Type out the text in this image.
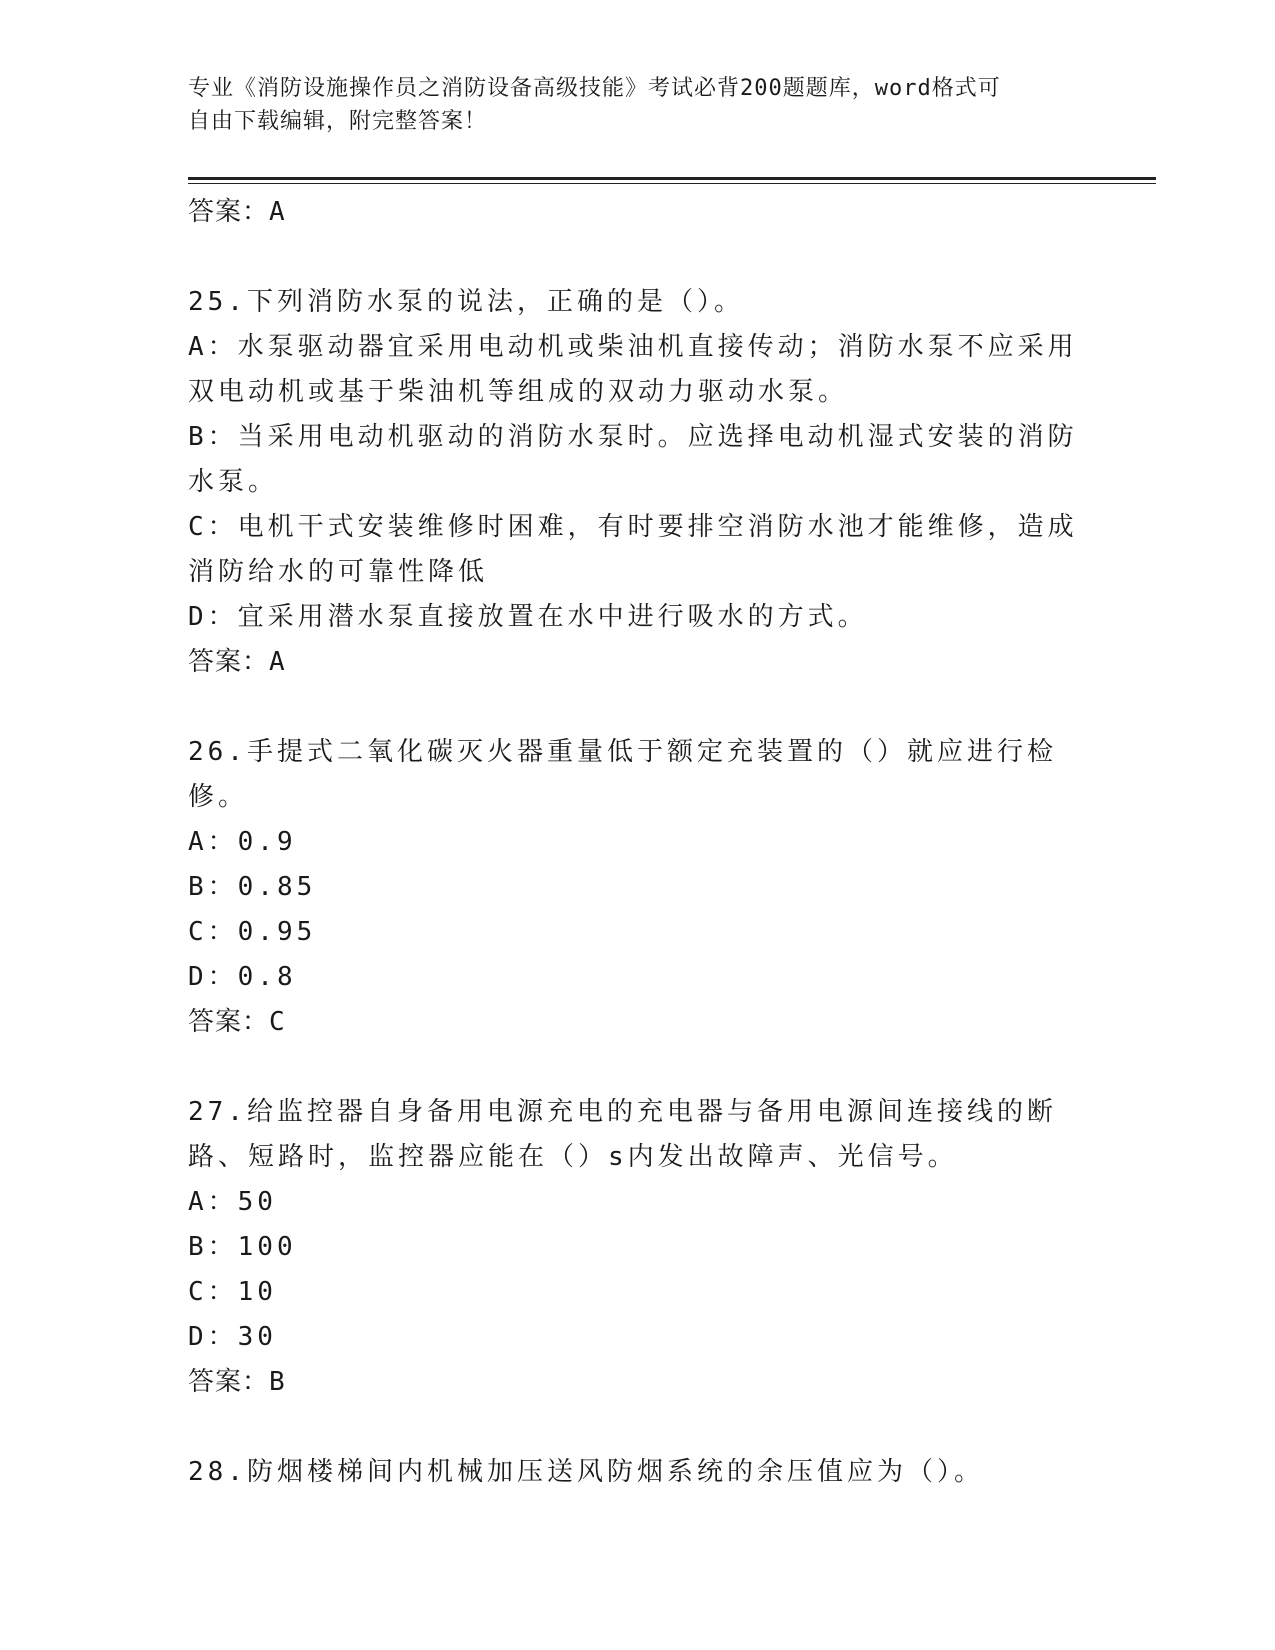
专业《消防设施操作员之消防设备高级技能》考试必背200题题库，word格式可
自由下载编辑，附完整答案！
答案：A
25.下列消防水泵的说法，正确的是（）。
A：水泵驱动器宜采用电动机或柴油机直接传动；消防水泵不应采用双电动机或基于柴油机等组成的双动力驱动水泵。
B：当采用电动机驱动的消防水泵时。应选择电动机湿式安装的消防水泵。
C：电机干式安装维修时困难，有时要排空消防水池才能维修，造成消防给水的可靠性降低
D：宜采用潜水泵直接放置在水中进行吸水的方式。
答案：A
26.手提式二氧化碳灭火器重量低于额定充装置的（）就应进行检修。
A：0.9
B：0.85
C：0.95
D：0.8
答案：C
27.给监控器自身备用电源充电的充电器与备用电源间连接线的断路、短路时，监控器应能在（）s内发出故障声、光信号。
A：50
B：100
C：10
D：30
答案：B
28.防烟楼梯间内机械加压送风防烟系统的余压值应为（）。
